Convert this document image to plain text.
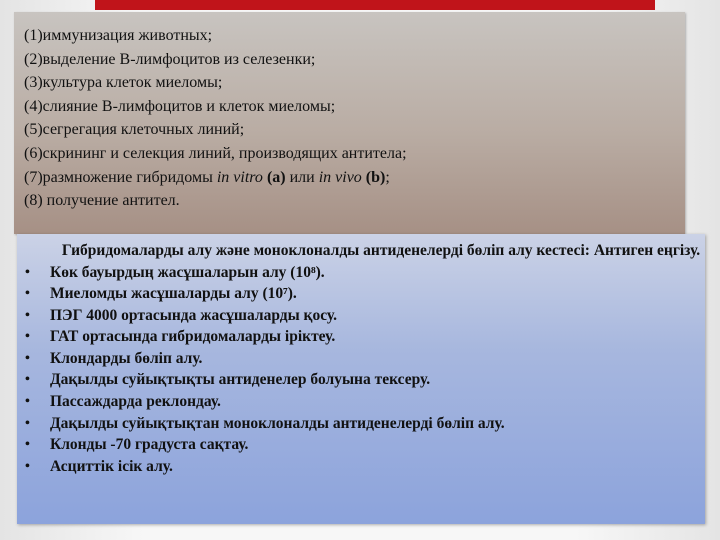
(1)иммунизация животных;
(2)выделение В-лимфоцитов из селезенки;
(3)культура клеток миеломы;
(4)слияние В-лимфоцитов и клеток миеломы;
(5)сегрегация клеточных линий;
(6)скрининг и селекция линий, производящих антитела;
(7)размножение гибридомы in vitro (a) или in vivo (b);
(8) получение антител.
Гибридомаларды алу және моноклоналды антиденелерді бөліп алу кестесі: Антиген еңгізу.
• Көк бауырдың жасұшаларын алу (10⁸).
• Миеломды жасұшаларды алу (10⁷).
• ПЭГ 4000 ортасында жасұшаларды қосу.
• ГАТ ортасында гибридомаларды іріктеу.
• Клондарды бөліп алу.
• Дақылды суйықтықты антиденелер болуына тексеру.
• Пассаждарда реклондау.
• Дақылды суйықтықтан моноклоналды антиденелерді бөліп алу.
• Клонды -70 градуста сақтау.
• Асциттік ісік алу.
